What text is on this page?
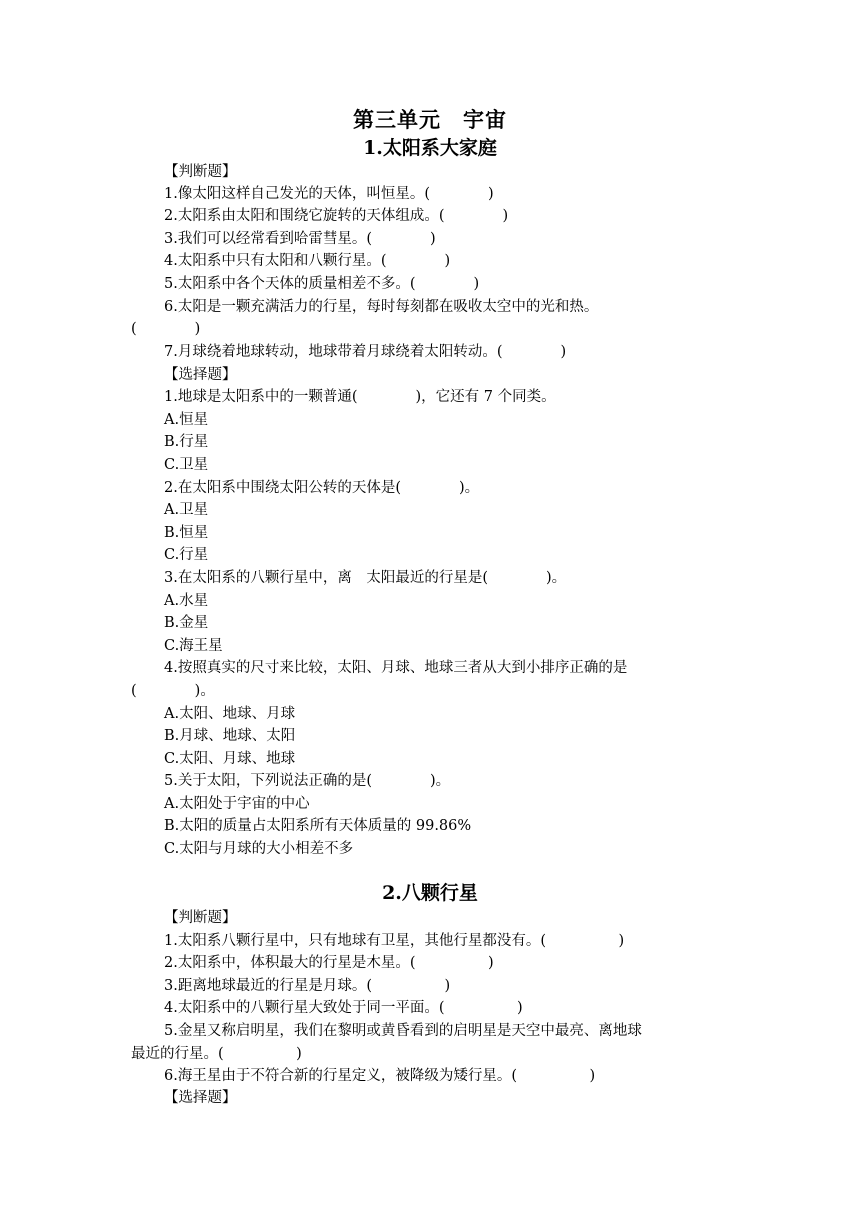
第三单元　宇宙
1.太阳系大家庭
【判断题】
1.像太阳这样自己发光的天体，叫恒星。(　　　　)
2.太阳系由太阳和围绕它旋转的天体组成。(　　　　)
3.我们可以经常看到哈雷彗星。(　　　　)
4.太阳系中只有太阳和八颗行星。(　　　　)
5.太阳系中各个天体的质量相差不多。(　　　　)
6.太阳是一颗充满活力的行星，每时每刻都在吸收太空中的光和热。
(　　　　)
7.月球绕着地球转动，地球带着月球绕着太阳转动。(　　　　)
【选择题】
1.地球是太阳系中的一颗普通(　　　　)，它还有 7 个同类。
A.恒星
B.行星
C.卫星
2.在太阳系中围绕太阳公转的天体是(　　　　)。
A.卫星
B.恒星
C.行星
3.在太阳系的八颗行星中，离　太阳最近的行星是(　　　　)。
A.水星
B.金星
C.海王星
4.按照真实的尺寸来比较，太阳、月球、地球三者从大到小排序正确的是
(　　　　)。
A.太阳、地球、月球
B.月球、地球、太阳
C.太阳、月球、地球
5.关于太阳，下列说法正确的是(　　　　)。
A.太阳处于宇宙的中心
B.太阳的质量占太阳系所有天体质量的 99.86%
C.太阳与月球的大小相差不多
2.八颗行星
【判断题】
1.太阳系八颗行星中，只有地球有卫星，其他行星都没有。(　　　　　)
2.太阳系中，体积最大的行星是木星。(　　　　　)
3.距离地球最近的行星是月球。(　　　　　)
4.太阳系中的八颗行星大致处于同一平面。(　　　　　)
5.金星又称启明星，我们在黎明或黄昏看到的启明星是天空中最亮、离地球
最近的行星。(　　　　　)
6.海王星由于不符合新的行星定义，被降级为矮行星。(　　　　　)
【选择题】
